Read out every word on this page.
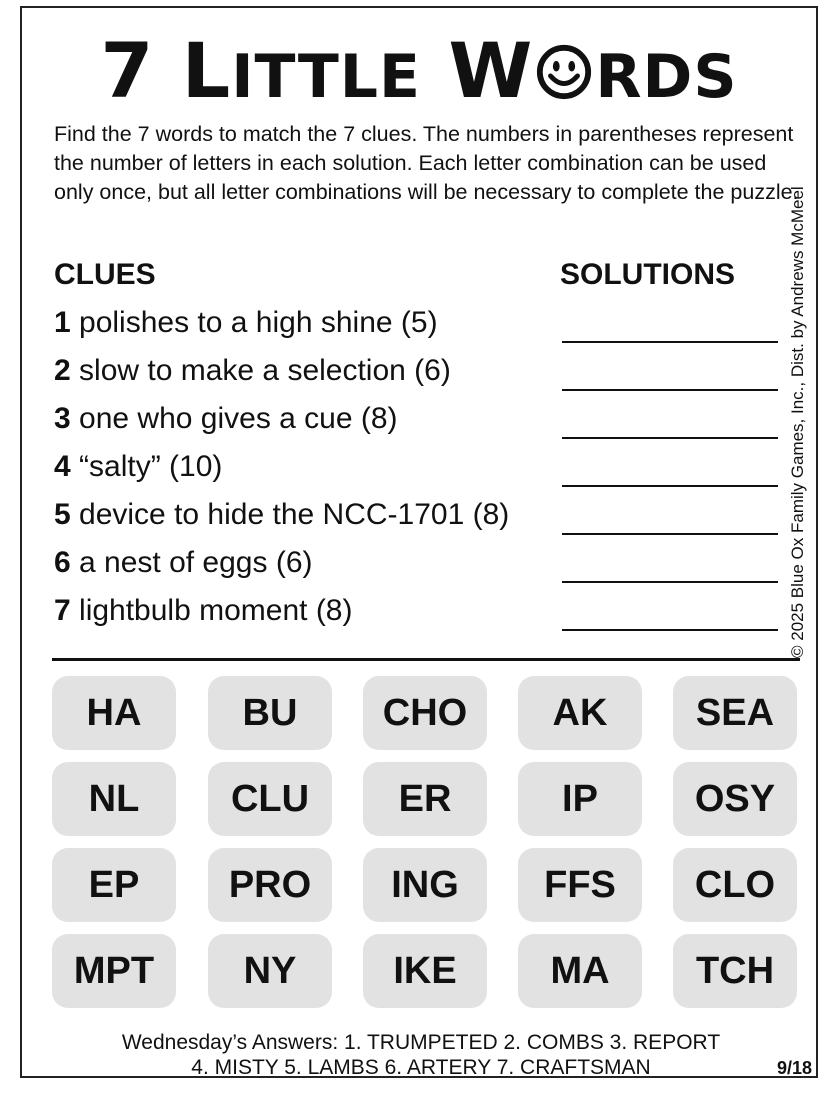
7 LITTLE W RDS
Find the 7 words to match the 7 clues. The numbers in parentheses represent the number of letters in each solution. Each letter combination can be used only once, but all letter combinations will be necessary to complete the puzzle.
© 2025 Blue Ox Family Games, Inc., Dist. by Andrews McMeel
CLUES	SOLUTIONS
1 polishes to a high shine (5)
2 slow to make a selection (6)
3 one who gives a cue (8)
4 “salty” (10)
5 device to hide the NCC-1701 (8)
6 a nest of eggs (6)
7 lightbulb moment (8)
HA	BU	CHO	AK	SEA
NL	CLU	ER	IP	OSY
EP	PRO	ING	FFS	CLO
MPT	NY	IKE	MA	TCH
Wednesday’s Answers: 1. TRUMPETED 2. COMBS 3. REPORT
4. MISTY 5. LAMBS 6. ARTERY 7. CRAFTSMAN	9/18
